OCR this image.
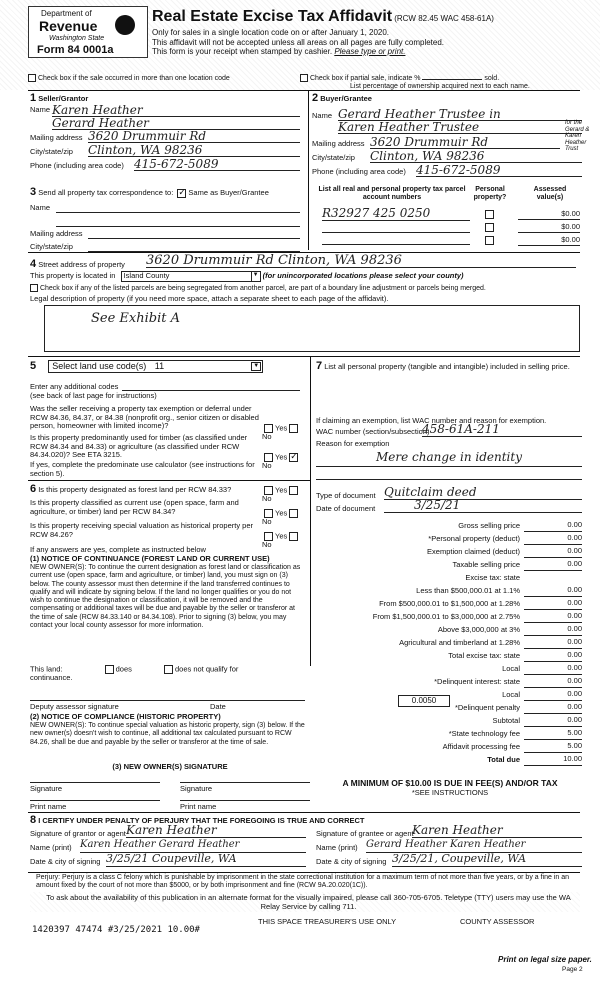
Department of
Revenue
Washington State
Form 84 0001a
Real Estate Excise Tax Affidavit (RCW 82.45 WAC 458-61A)
Only for sales in a single location code on or after January 1, 2020.
This affidavit will not be accepted unless all areas on all pages are fully completed.
This form is your receipt when stamped by cashier. Please type or print.
Check box if the sale occurred in more than one location code	Check box if partial sale, indicate %	sold.
List percentage of ownership acquired next to each name.
1 Seller/Grantor
Name Karen Heather
Gerard Heather
Mailing address 3620 Drummuir Rd
City/state/zip Clinton, WA 98236
Phone (including area code) 415-672-5089
2 Buyer/Grantee
Name Gerard Heather Trustee in
Karen Heather Trustee	for the Gerard & Karen Heather Trust
Mailing address 3620 Drummuir Rd
City/state/zip Clinton, WA 98236
Phone (including area code) 415-672-5089
3 Send all property tax correspondence to: ✓ Same as Buyer/Grantee
Name
Mailing address
City/state/zip
List all real and personal property tax parcel account numbers
Personal property?
Assessed value(s)
R32927 425 0250	$0.00
$0.00
$0.00
4 Street address of property 3620 Drummuir Rd Clinton, WA 98236
This property is located in Island County	▼ (for unincorporated locations please select your county)
Check box if any of the listed parcels are being segregated from another parcel, are part of a boundary line adjustment or parcels being merged.
Legal description of property (if you need more space, attach a separate sheet to each page of the affidavit).
See Exhibit A
5 Select land use code(s) 11	▼
Enter any additional codes
(see back of last page for instructions)
Was the seller receiving a property tax exemption or deferral under RCW 84.36, 84.37, or 84.38 (nonprofit org., senior citizen or disabled person, homeowner with limited income)?	YesNo
Is this property predominantly used for timber (as classified under RCW 84.34 and 84.33) or agriculture (as classified under RCW 84.34.020)? See ETA 3215.	Yes✓No
If yes, complete the predominate use calculator (see instructions for section 5).
6 Is this property designated as forest land per RCW 84.33?	YesNo
Is this property classified as current use (open space, farm and agriculture, or timber) land per RCW 84.34?	YesNo
Is this property receiving special valuation as historical property per RCW 84.26?	YesNo
If any answers are yes, complete as instructed below
(1) NOTICE OF CONTINUANCE (FOREST LAND OR CURRENT USE)
NEW OWNER(S): To continue the current designation as forest land or classification as current use (open space, farm and agriculture, or timber) land, you must sign on (3) below. The county assessor must then determine if the land transferred continues to qualify and will indicate by signing below. If the land no longer qualifies or you do not wish to continue the designation or classification, it will be removed and the compensating or additional taxes will be due and payable by the seller or transferor at the time of sale (RCW 84.33.140 or 84.34.108). Prior to signing (3) below, you may contact your local county assessor for more information.
This land:	does	does not qualify for
continuance.
Deputy assessor signature	Date
(2) NOTICE OF COMPLIANCE (HISTORIC PROPERTY)
NEW OWNER(S): To continue special valuation as historic property, sign (3) below. If the new owner(s) doesn't wish to continue, all additional tax calculated pursuant to RCW 84.26, shall be due and payable by the seller or transferor at the time of sale.
(3) NEW OWNER(S) SIGNATURE
Signature	Signature
Print name	Print name
7 List all personal property (tangible and intangible) included in selling price.
If claiming an exemption, list WAC number and reason for exemption.
WAC number (section/subsection)
458-61A-211
Reason for exemption
Mere change in identity
Type of document Quitclaim deed
Date of document	3/25/21
Gross selling price	0.00
*Personal property (deduct)	0.00
Exemption claimed (deduct)	0.00
Taxable selling price	0.00
Excise tax: state
Less than $500,000.01 at 1.1%	0.00
From $500,000.01 to $1,500,000 at 1.28%	0.00
From $1,500,000.01 to $3,000,000 at 2.75%	0.00
Above $3,000,000 at 3%	0.00
Agricultural and timberland at 1.28%	0.00
Total excise tax: state	0.00
Local	0.00
*Delinquent interest: state	0.00
Local	0.00
*Delinquent penalty	0.00
Subtotal	0.00
*State technology fee	5.00
Affidavit processing fee	5.00
Total due	10.00
0.0050
A MINIMUM OF $10.00 IS DUE IN FEE(S) AND/OR TAX
*SEE INSTRUCTIONS
8 I CERTIFY UNDER PENALTY OF PERJURY THAT THE FOREGOING IS TRUE AND CORRECT
Signature of grantor or agent Karen Heather
Name (print) Karen Heather Gerard Heather
Date & city of signing 3/25/21 Coupeville, WA
Signature of grantee or agent
Karen Heather
Name (print) Gerard Heather Karen Heather
Date & city of signing 3/25/21, Coupeville, WA
Perjury: Perjury is a class C felony which is punishable by imprisonment in the state correctional institution for a maximum term of not more than five years, or by a fine in an amount fixed by the court of not more than $5000, or by both imprisonment and fine (RCW 9A.20.020(1C)).
To ask about the availability of this publication in an alternate format for the visually impaired, please call 360-705-6705. Teletype (TTY) users may use the WA Relay Service by calling 711.
THIS SPACE TREASURER'S USE ONLY	COUNTY ASSESSOR
1420397 47474 #3/25/2021 10.00#
Print on legal size paper.
Page 2
